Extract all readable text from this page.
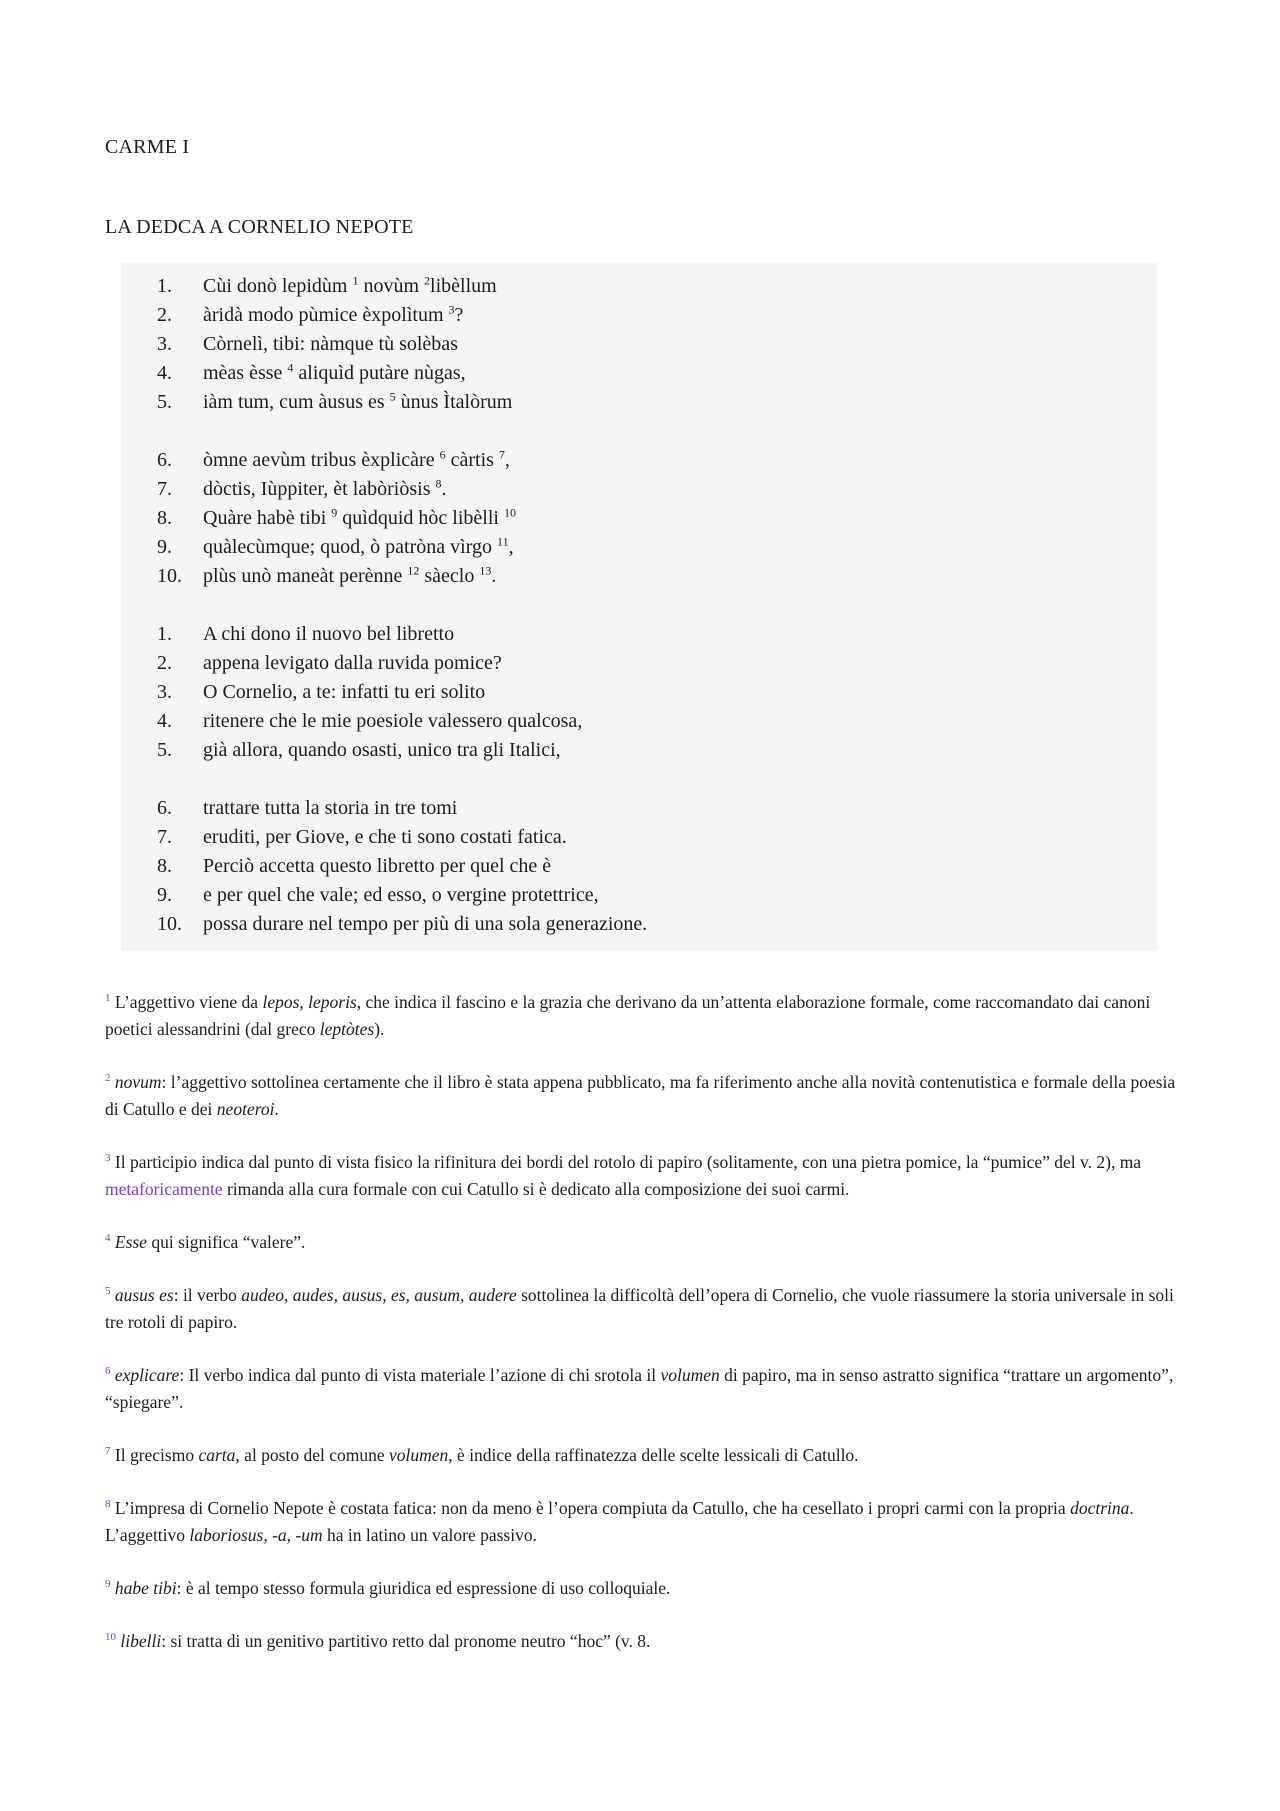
CARME I
LA DEDCA A CORNELIO NEPOTE
1.	Cùi donò lepidùm $^1$ novùm $^2$libèllum
2.	àridà modo pùmice èxpolìtum $^3$?
3.	Còrnelì, tibi: nàmque tù solèbas
4.	mèas èsse $^4$ aliquìd putàre nùgas,
5.	iàm tum, cum àusus es $^5$ ùnus Ìtalòrum
6.	òmne aevùm tribus èxplicàre $^6$ càrtis $^7$,
7.	dòctis, Iùppiter, èt labòriòsis $^8$.
8.	Quàre habè tibi $^9$ quìdquid hòc libèlli $^{10}$
9.	quàlecùmque; quod, ò patròna vìrgo $^{11}$,
10.	plùs unò maneàt perènne $^{12}$ sàeclo $^{13}$.
1.	A chi dono il nuovo bel libretto
2.	appena levigato dalla ruvida pomice?
3.	O Cornelio, a te: infatti tu eri solito
4.	ritenere che le mie poesiole valessero qualcosa,
5.	già allora, quando osasti, unico tra gli Italici,
6.	trattare tutta la storia in tre tomi
7.	eruditi, per Giove, e che ti sono costati fatica.
8.	Perciò accetta questo libretto per quel che è
9.	e per quel che vale; ed esso, o vergine protettrice,
10.	possa durare nel tempo per più di una sola generazione.

$^1$ L’aggettivo viene da lepos, leporis, che indica il fascino e la grazia che derivano da un’attenta elaborazione formale, come raccomandato dai canoni poetici alessandrini (dal greco leptòtes).

$^2$ novum: l’aggettivo sottolinea certamente che il libro è stata appena pubblicato, ma fa riferimento anche alla novità contenutistica e formale della poesia di Catullo e dei neoteroi.

$^3$ Il participio indica dal punto di vista fisico la rifinitura dei bordi del rotolo di papiro (solitamente, con una pietra pomice, la “pumice” del v. 2), ma metaforicamente rimanda alla cura formale con cui Catullo si è dedicato alla composizione dei suoi carmi.

$^4$ Esse qui significa “valere”.

$^5$ ausus es: il verbo audeo, audes, ausus, es, ausum, audere sottolinea la difficoltà dell’opera di Cornelio, che vuole riassumere la storia universale in soli tre rotoli di papiro.

$^6$ explicare: Il verbo indica dal punto di vista materiale l’azione di chi srotola il volumen di papiro, ma in senso astratto significa “trattare un argomento”, “spiegare”.

$^7$ Il grecismo carta, al posto del comune volumen, è indice della raffinatezza delle scelte lessicali di Catullo.

$^8$ L’impresa di Cornelio Nepote è costata fatica: non da meno è l’opera compiuta da Catullo, che ha cesellato i propri carmi con la propria doctrina. L’aggettivo laboriosus, -a, -um ha in latino un valore passivo.

$^9$ habe tibi: è al tempo stesso formula giuridica ed espressione di uso colloquiale.

$^{10}$ libelli: si tratta di un genitivo partitivo retto dal pronome neutro “hoc” (v. 8.
